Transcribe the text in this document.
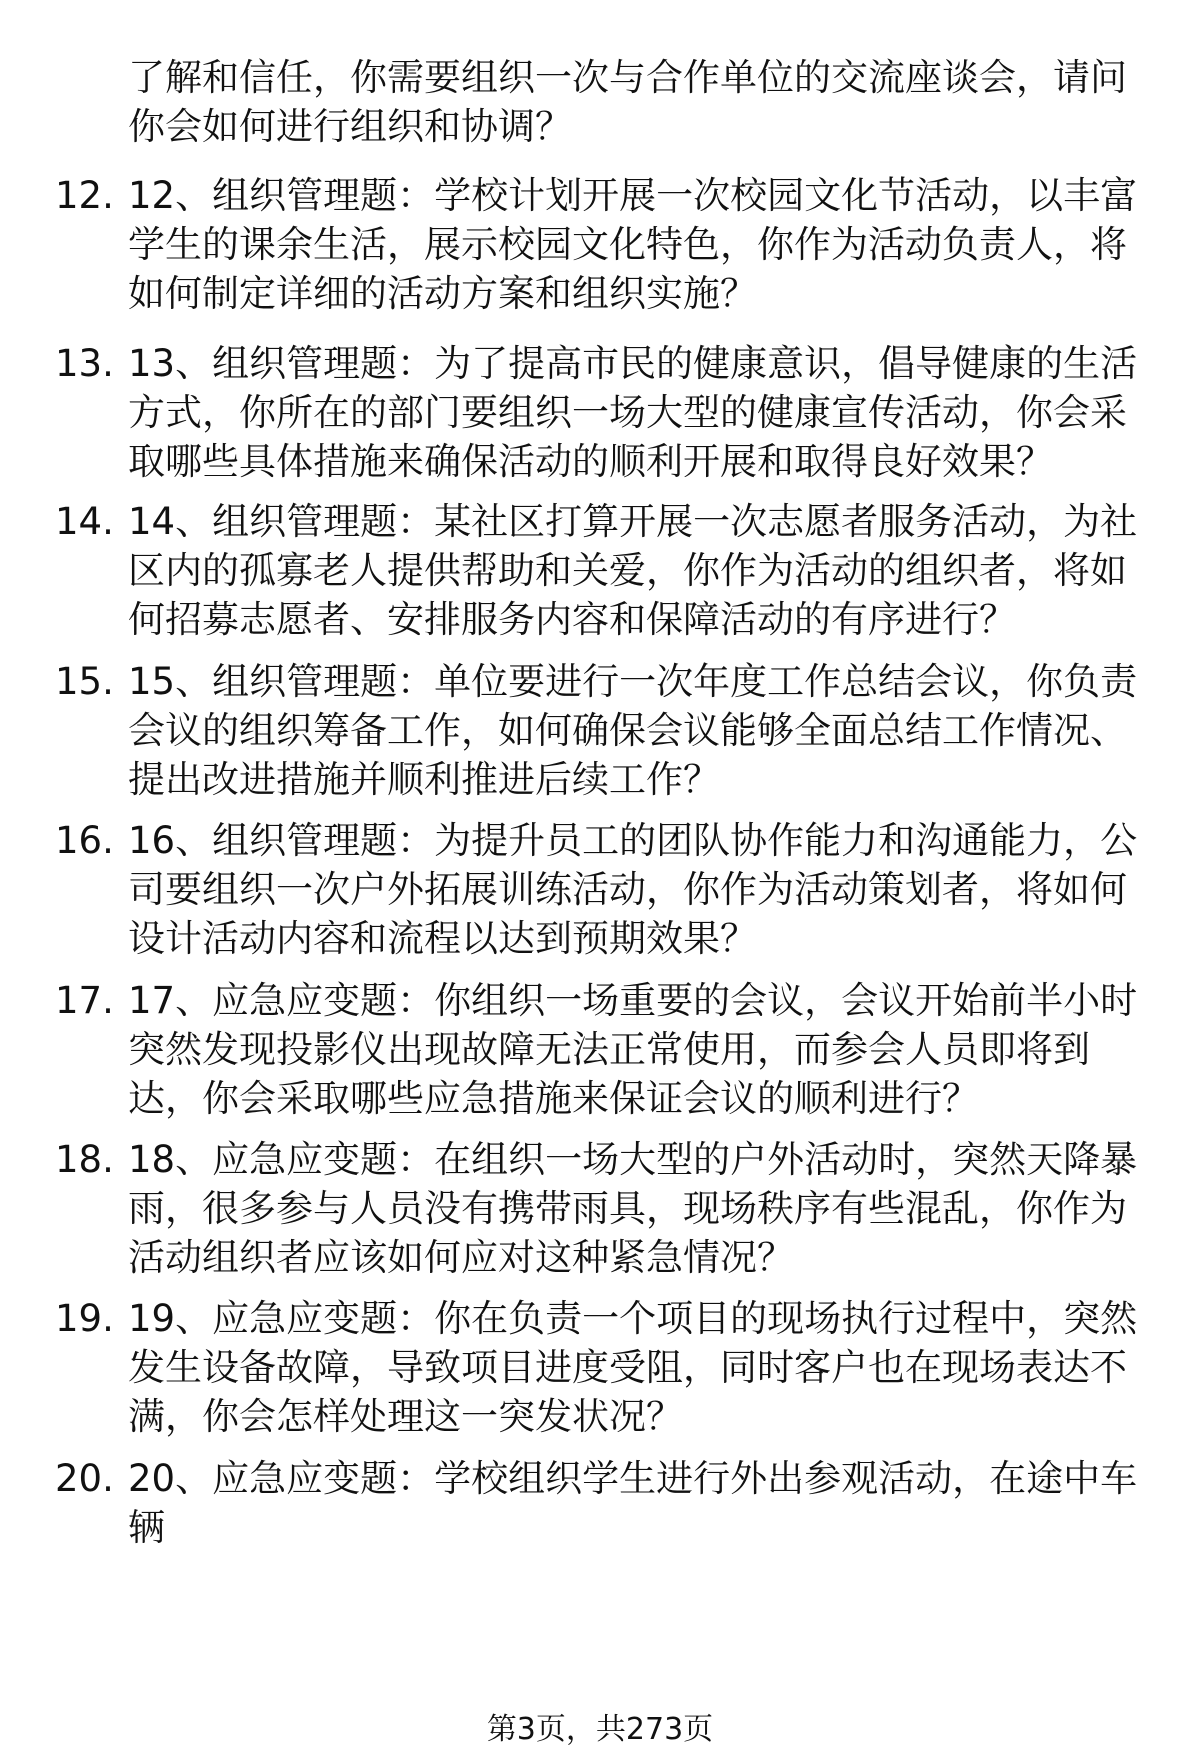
了解和信任，你需要组织一次与合作单位的交流座谈会，请问你会如何进行组织和协调？
12. 12、组织管理题：学校计划开展一次校园文化节活动，以丰富学生的课余生活，展示校园文化特色，你作为活动负责人，将如何制定详细的活动方案和组织实施？
13. 13、组织管理题：为了提高市民的健康意识，倡导健康的生活方式，你所在的部门要组织一场大型的健康宣传活动，你会采取哪些具体措施来确保活动的顺利开展和取得良好效果？
14. 14、组织管理题：某社区打算开展一次志愿者服务活动，为社区内的孤寡老人提供帮助和关爱，你作为活动的组织者，将如何招募志愿者、安排服务内容和保障活动的有序进行？
15. 15、组织管理题：单位要进行一次年度工作总结会议，你负责会议的组织筹备工作，如何确保会议能够全面总结工作情况、提出改进措施并顺利推进后续工作？
16. 16、组织管理题：为提升员工的团队协作能力和沟通能力，公司要组织一次户外拓展训练活动，你作为活动策划者，将如何设计活动内容和流程以达到预期效果？
17. 17、应急应变题：你组织一场重要的会议，会议开始前半小时突然发现投影仪出现故障无法正常使用，而参会人员即将到达，你会采取哪些应急措施来保证会议的顺利进行？
18. 18、应急应变题：在组织一场大型的户外活动时，突然天降暴雨，很多参与人员没有携带雨具，现场秩序有些混乱，你作为活动组织者应该如何应对这种紧急情况？
19. 19、应急应变题：你在负责一个项目的现场执行过程中，突然发生设备故障，导致项目进度受阻，同时客户也在现场表达不满，你会怎样处理这一突发状况？
20. 20、应急应变题：学校组织学生进行外出参观活动，在途中车辆
第3页，共273页
